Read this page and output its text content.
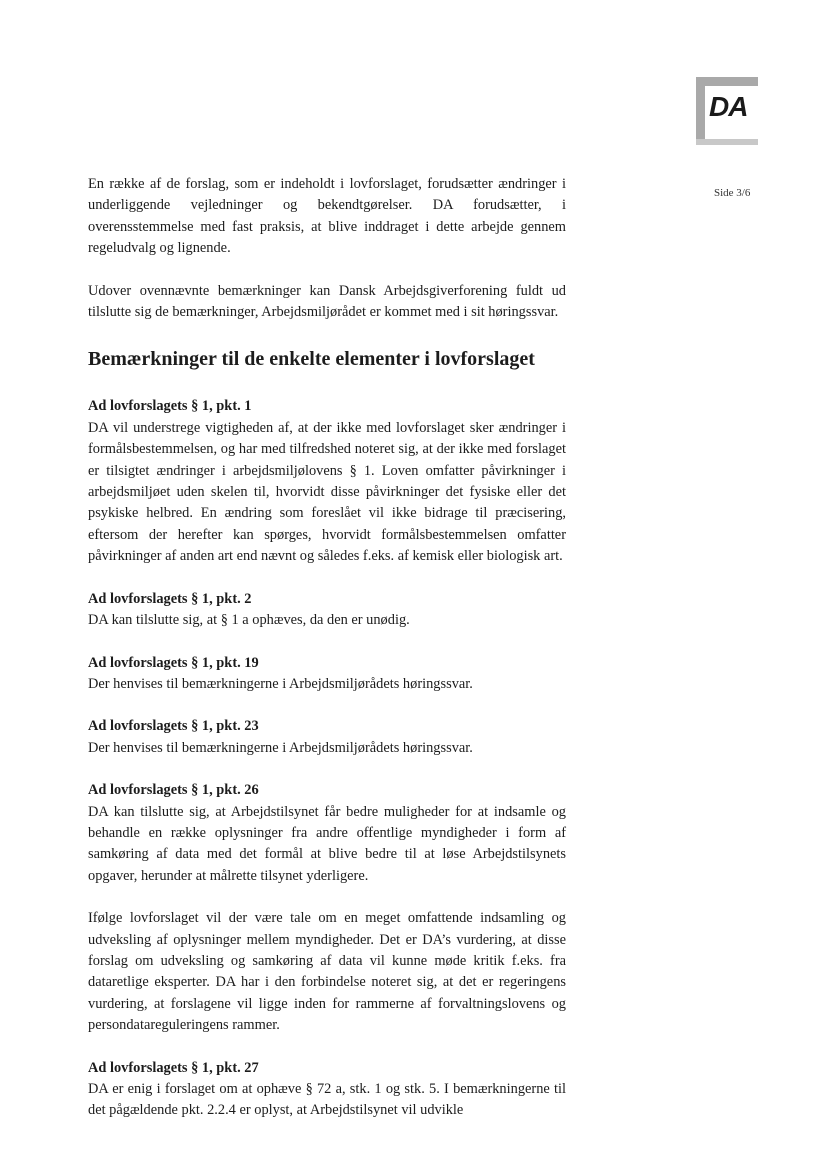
DA
Side 3/6

En række af de forslag, som er indeholdt i lovforslaget, forudsætter ændringer i underliggende vejledninger og bekendtgørelser. DA forudsætter, i overensstemmelse med fast praksis, at blive inddraget i dette arbejde gennem regeludvalg og lignende.

Udover ovennævnte bemærkninger kan Dansk Arbejdsgiverforening fuldt ud tilslutte sig de bemærkninger, Arbejdsmiljørådet er kommet med i sit høringssvar.

Bemærkninger til de enkelte elementer i lovforslaget
Ad lovforslagets § 1, pkt. 1

DA vil understrege vigtigheden af, at der ikke med lovforslaget sker ændringer i formålsbestemmelsen, og har med tilfredshed noteret sig, at der ikke med forslaget er tilsigtet ændringer i arbejdsmiljølovens § 1. Loven omfatter påvirkninger i arbejdsmiljøet uden skelen til, hvorvidt disse påvirkninger det fysiske eller det psykiske helbred. En ændring som foreslået vil ikke bidrage til præcisering, eftersom der herefter kan spørges, hvorvidt formålsbestemmelsen omfatter påvirkninger af anden art end nævnt og således f.eks. af kemisk eller biologisk art.

Ad lovforslagets § 1, pkt. 2

DA kan tilslutte sig, at § 1 a ophæves, da den er unødig.

Ad lovforslagets § 1, pkt. 19

Der henvises til bemærkningerne i Arbejdsmiljørådets høringssvar.

Ad lovforslagets § 1, pkt. 23

Der henvises til bemærkningerne i Arbejdsmiljørådets høringssvar.

Ad lovforslagets § 1, pkt. 26

DA kan tilslutte sig, at Arbejdstilsynet får bedre muligheder for at indsamle og behandle en række oplysninger fra andre offentlige myndigheder i form af samkøring af data med det formål at blive bedre til at løse Arbejdstilsynets opgaver, herunder at målrette tilsynet yderligere.

Ifølge lovforslaget vil der være tale om en meget omfattende indsamling og udveksling af oplysninger mellem myndigheder. Det er DA’s vurdering, at disse forslag om udveksling og samkøring af data vil kunne møde kritik f.eks. fra dataretlige eksperter. DA har i den forbindelse noteret sig, at det er regeringens vurdering, at forslagene vil ligge inden for rammerne af forvaltningslovens og persondatareguleringens rammer.

Ad lovforslagets § 1, pkt. 27

DA er enig i forslaget om at ophæve § 72 a, stk. 1 og stk. 5. I bemærkningerne til det pågældende pkt. 2.2.4 er oplyst, at Arbejdstilsynet vil udvikle
